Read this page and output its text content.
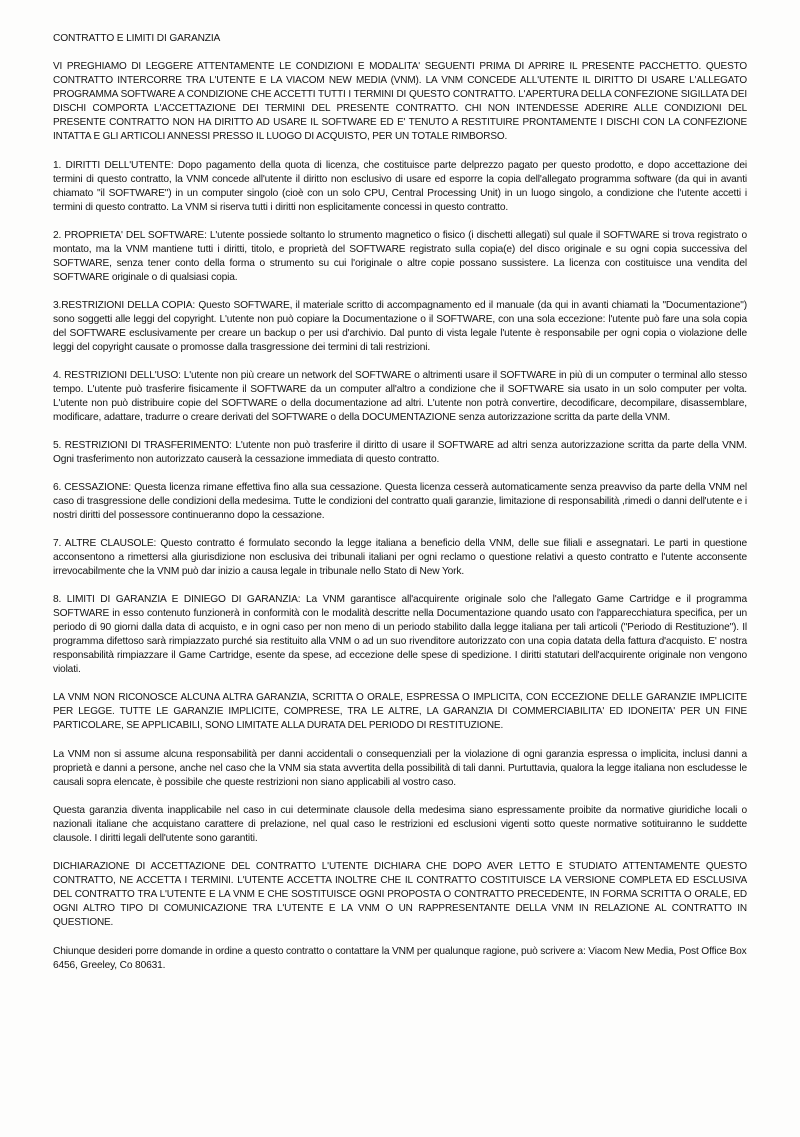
CONTRATTO E LIMITI DI GARANZIA

VI PREGHIAMO DI LEGGERE ATTENTAMENTE LE CONDIZIONI E MODALITA' SEGUENTI PRIMA DI APRIRE IL PRESENTE PACCHETTO. QUESTO CONTRATTO INTERCORRE TRA L'UTENTE E LA VIACOM NEW MEDIA (VNM). LA VNM CONCEDE ALL'UTENTE IL DIRITTO DI USARE L'ALLEGATO PROGRAMMA SOFTWARE A CONDIZIONE CHE ACCETTI TUTTI I TERMINI DI QUESTO CONTRATTO. L'APERTURA DELLA CONFEZIONE SIGILLATA DEI DISCHI COMPORTA L'ACCETTAZIONE DEI TERMINI DEL PRESENTE CONTRATTO. CHI NON INTENDESSE ADERIRE ALLE CONDIZIONI DEL PRESENTE CONTRATTO NON HA DIRITTO AD USARE IL SOFTWARE ED E' TENUTO A RESTITUIRE PRONTAMENTE I DISCHI CON LA CONFEZIONE INTATTA E GLI ARTICOLI ANNESSI PRESSO IL LUOGO DI ACQUISTO, PER UN TOTALE RIMBORSO.

1. DIRITTI DELL'UTENTE: Dopo pagamento della quota di licenza, che costituisce parte delprezzo pagato per questo prodotto, e dopo accettazione dei termini di questo contratto, la VNM concede all'utente il diritto non esclusivo di usare ed esporre la copia dell'allegato programma software (da qui in avanti chiamato "il SOFTWARE") in un computer singolo (cioè con un solo CPU, Central Processing Unit) in un luogo singolo, a condizione che l'utente accetti i termini di questo contratto. La VNM si riserva tutti i diritti non esplicitamente concessi in questo contratto.

2. PROPRIETA' DEL SOFTWARE: L'utente possiede soltanto lo strumento magnetico o fisico (i dischetti allegati) sul quale il SOFTWARE si trova registrato o montato, ma la VNM mantiene tutti i diritti, titolo, e proprietà del SOFTWARE registrato sulla copia(e) del disco originale e su ogni copia successiva del SOFTWARE, senza tener conto della forma o strumento su cui l'originale o altre copie possano sussistere. La licenza con costituisce una vendita del SOFTWARE originale o di qualsiasi copia.

3.RESTRIZIONI DELLA COPIA: Questo SOFTWARE, il materiale scritto di accompagnamento ed il manuale (da qui in avanti chiamati la "Documentazione") sono soggetti alle leggi del copyright. L'utente non può copiare la Documentazione o il SOFTWARE, con una sola eccezione: l'utente può fare una sola copia del SOFTWARE esclusivamente per creare un backup o per usi d'archivio. Dal punto di vista legale l'utente è responsabile per ogni copia o violazione delle leggi del copyright causate o promosse dalla trasgressione dei termini di tali restrizioni.

4. RESTRIZIONI DELL'USO: L'utente non più creare un network del SOFTWARE o altrimenti usare il SOFTWARE in più di un computer o terminal allo stesso tempo. L'utente può trasferire fisicamente il SOFTWARE da un computer all'altro a condizione che il SOFTWARE sia usato in un solo computer per volta. L'utente non può distribuire copie del SOFTWARE o della documentazione ad altri. L'utente non potrà convertire, decodificare, decompilare, disassemblare, modificare, adattare, tradurre o creare derivati del SOFTWARE o della DOCUMENTAZIONE senza autorizzazione scritta da parte della VNM.

5. RESTRIZIONI DI TRASFERIMENTO: L'utente non può trasferire il diritto di usare il SOFTWARE ad altri senza autorizzazione scritta da parte della VNM. Ogni trasferimento non autorizzato causerà la cessazione immediata di questo contratto.

6. CESSAZIONE: Questa licenza rimane effettiva fino alla sua cessazione. Questa licenza cesserà automaticamente senza preavviso da parte della VNM nel caso di trasgressione delle condizioni della medesima. Tutte le condizioni del contratto quali garanzie, limitazione di responsabilità ,rimedi o danni dell'utente e i nostri diritti del possessore continueranno dopo la cessazione.

7. ALTRE CLAUSOLE: Questo contratto é formulato secondo la legge italiana a beneficio della VNM, delle sue filiali e assegnatari. Le parti in questione acconsentono a rimettersi alla giurisdizione non esclusiva dei tribunali italiani per ogni reclamo o questione relativi a questo contratto e l'utente acconsente irrevocabilmente che la VNM può dar inizio a causa legale in tribunale nello Stato di New York.

8. LIMITI DI GARANZIA E DINIEGO DI GARANZIA: La VNM garantisce all'acquirente originale solo che l'allegato Game Cartridge e il programma SOFTWARE in esso contenuto funzionerà in conformità con le modalità descritte nella Documentazione quando usato con l'apparecchiatura specifica, per un periodo di 90 giorni dalla data di acquisto, e in ogni caso per non meno di un periodo stabilito dalla legge italiana per tali articoli ("Periodo di Restituzione"). Il programma difettoso sarà rimpiazzato purché sia restituito alla VNM o ad un suo rivenditore autorizzato con una copia datata della fattura d'acquisto. E' nostra responsabilità rimpiazzare il Game Cartridge, esente da spese, ad eccezione delle spese di spedizione. I diritti statutari dell'acquirente originale non vengono violati.

LA VNM NON RICONOSCE ALCUNA ALTRA GARANZIA, SCRITTA O ORALE, ESPRESSA O IMPLICITA, CON ECCEZIONE DELLE GARANZIE IMPLICITE PER LEGGE. TUTTE LE GARANZIE IMPLICITE, COMPRESE, TRA LE ALTRE, LA GARANZIA DI COMMERCIABILITA' ED IDONEITA' PER UN FINE PARTICOLARE, SE APPLICABILI, SONO LIMITATE ALLA DURATA DEL PERIODO DI RESTITUZIONE.

La VNM non si assume alcuna responsabilità per danni accidentali o consequenziali per la violazione di ogni garanzia espressa o implicita, inclusi danni a proprietà e danni a persone, anche nel caso che la VNM sia stata avvertita della possibilità di tali danni. Purtuttavia, qualora la legge italiana non escludesse le causali sopra elencate, è possibile che queste restrizioni non siano applicabili al vostro caso.

Questa garanzia diventa inapplicabile nel caso in cui determinate clausole della medesima siano espressamente proibite da normative giuridiche locali o nazionali italiane che acquistano carattere di prelazione, nel qual caso le restrizioni ed esclusioni vigenti sotto queste normative sotituiranno le suddette clausole. I diritti legali dell'utente sono garantiti.

DICHIARAZIONE DI ACCETTAZIONE DEL CONTRATTO L'UTENTE DICHIARA CHE DOPO AVER LETTO E STUDIATO ATTENTAMENTE QUESTO CONTRATTO, NE ACCETTA I TERMINI. L'UTENTE ACCETTA INOLTRE CHE IL CONTRATTO COSTITUISCE LA VERSIONE COMPLETA ED ESCLUSIVA DEL CONTRATTO TRA L'UTENTE E LA VNM E CHE SOSTITUISCE OGNI PROPOSTA O CONTRATTO PRECEDENTE, IN FORMA SCRITTA O ORALE, ED OGNI ALTRO TIPO DI COMUNICAZIONE TRA L'UTENTE E LA VNM O UN RAPPRESENTANTE DELLA VNM IN RELAZIONE AL CONTRATTO IN QUESTIONE.

Chiunque desideri porre domande in ordine a questo contratto o contattare la VNM per qualunque ragione, può scrivere a: Viacom New Media, Post Office Box 6456, Greeley, Co 80631.
